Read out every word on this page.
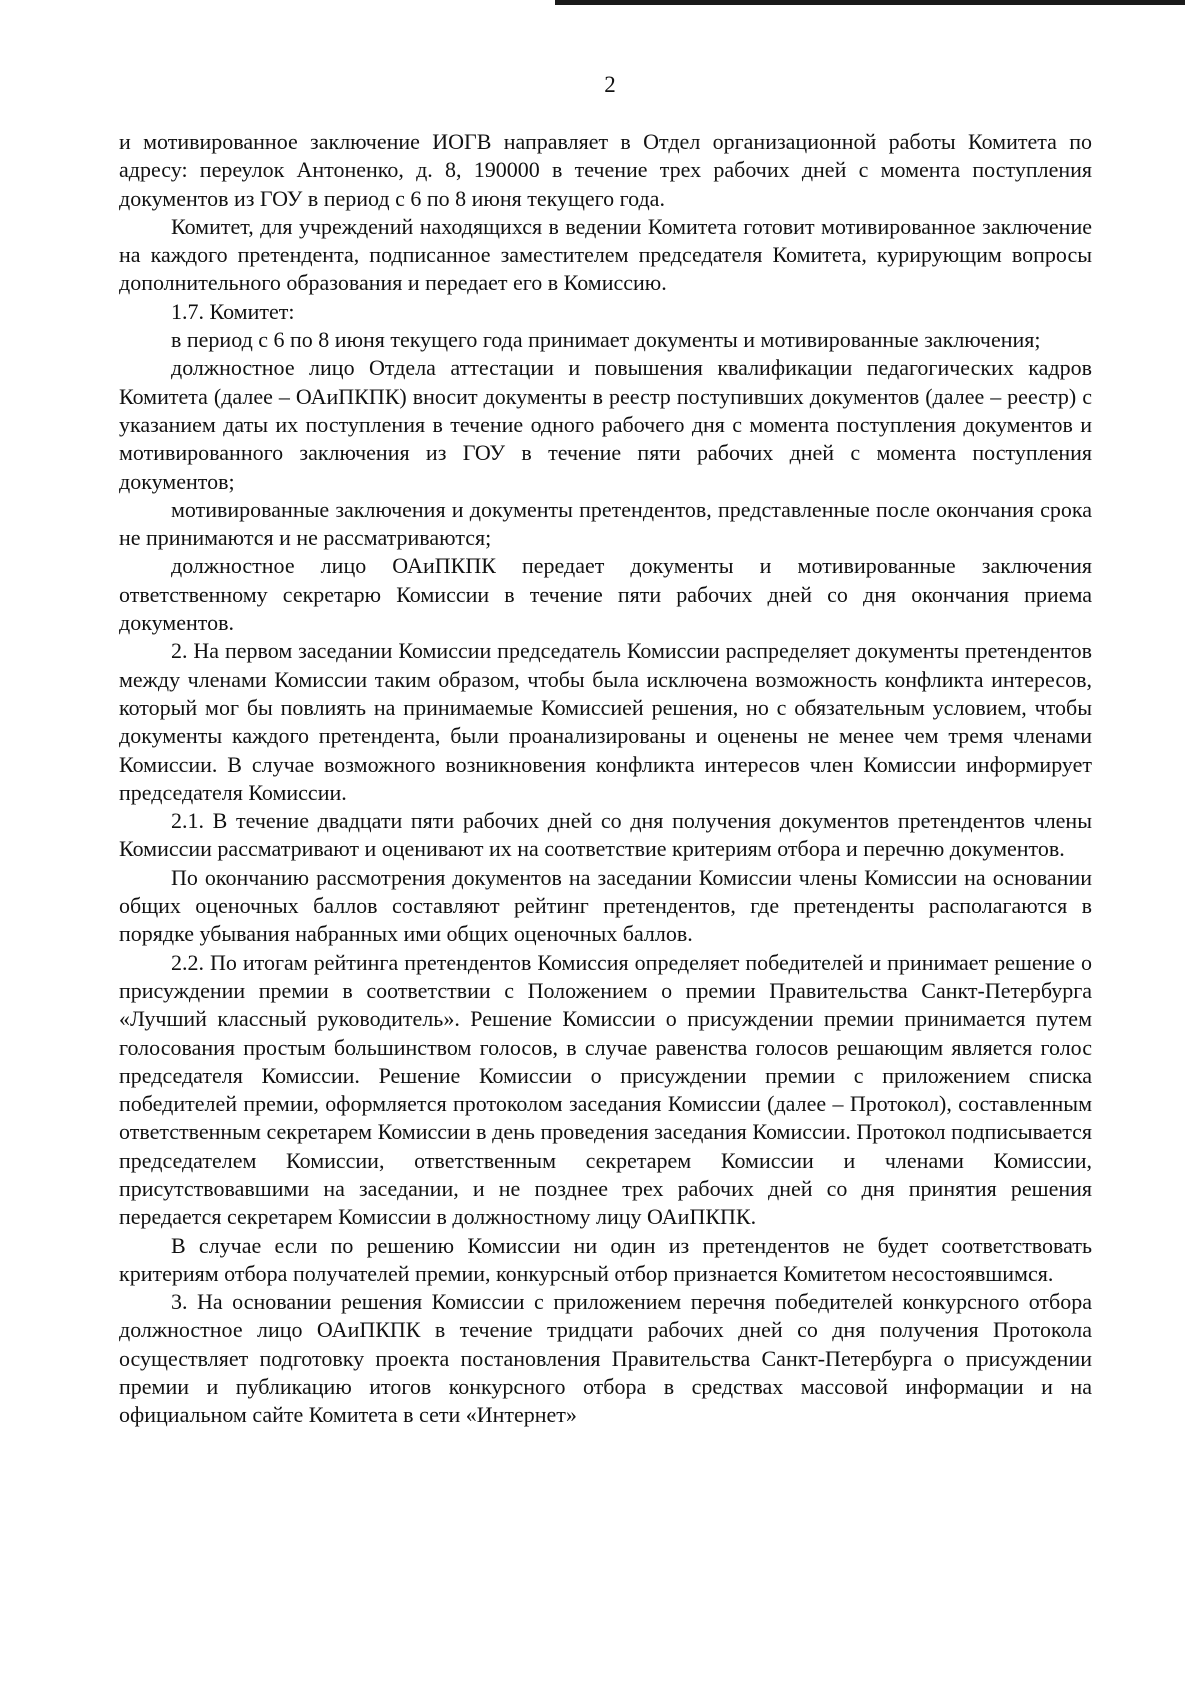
2

и мотивированное заключение ИОГВ направляет в Отдел организационной работы Комитета по адресу: переулок Антоненко, д. 8, 190000 в течение трех рабочих дней с момента поступления документов из ГОУ в период с 6 по 8 июня текущего года.

Комитет, для учреждений находящихся в ведении Комитета готовит мотивированное заключение на каждого претендента, подписанное заместителем председателя Комитета, курирующим вопросы дополнительного образования и передает его в Комиссию.

1.7. Комитет:

в период с 6 по 8 июня текущего года принимает документы и мотивированные заключения;

должностное лицо Отдела аттестации и повышения квалификации педагогических кадров Комитета (далее – ОАиПКПК) вносит документы в реестр поступивших документов (далее – реестр) с указанием даты их поступления в течение одного рабочего дня с момента поступления документов и мотивированного заключения из ГОУ в течение пяти рабочих дней с момента поступления документов;

мотивированные заключения и документы претендентов, представленные после окончания срока не принимаются и не рассматриваются;

должностное лицо ОАиПКПК передает документы и мотивированные заключения ответственному секретарю Комиссии в течение пяти рабочих дней со дня окончания приема документов.

2. На первом заседании Комиссии председатель Комиссии распределяет документы претендентов между членами Комиссии таким образом, чтобы была исключена возможность конфликта интересов, который мог бы повлиять на принимаемые Комиссией решения, но с обязательным условием, чтобы документы каждого претендента, были проанализированы и оценены не менее чем тремя членами Комиссии. В случае возможного возникновения конфликта интересов член Комиссии информирует председателя Комиссии.

2.1. В течение двадцати пяти рабочих дней со дня получения документов претендентов члены Комиссии рассматривают и оценивают их на соответствие критериям отбора и перечню документов.

По окончанию рассмотрения документов на заседании Комиссии члены Комиссии на основании общих оценочных баллов составляют рейтинг претендентов, где претенденты располагаются в порядке убывания набранных ими общих оценочных баллов.

2.2. По итогам рейтинга претендентов Комиссия определяет победителей и принимает решение о присуждении премии в соответствии с Положением о премии Правительства Санкт-Петербурга «Лучший классный руководитель». Решение Комиссии о присуждении премии принимается путем голосования простым большинством голосов, в случае равенства голосов решающим является голос председателя Комиссии. Решение Комиссии о присуждении премии с приложением списка победителей премии, оформляется протоколом заседания Комиссии (далее – Протокол), составленным ответственным секретарем Комиссии в день проведения заседания Комиссии. Протокол подписывается председателем Комиссии, ответственным секретарем Комиссии и членами Комиссии, присутствовавшими на заседании, и не позднее трех рабочих дней со дня принятия решения передается секретарем Комиссии в должностному лицу ОАиПКПК.

В случае если по решению Комиссии ни один из претендентов не будет соответствовать критериям отбора получателей премии, конкурсный отбор признается Комитетом несостоявшимся.

3. На основании решения Комиссии с приложением перечня победителей конкурсного отбора должностное лицо ОАиПКПК в течение тридцати рабочих дней со дня получения Протокола осуществляет подготовку проекта постановления Правительства Санкт-Петербурга о присуждении премии и публикацию итогов конкурсного отбора в средствах массовой информации и на официальном сайте Комитета в сети «Интернет»
